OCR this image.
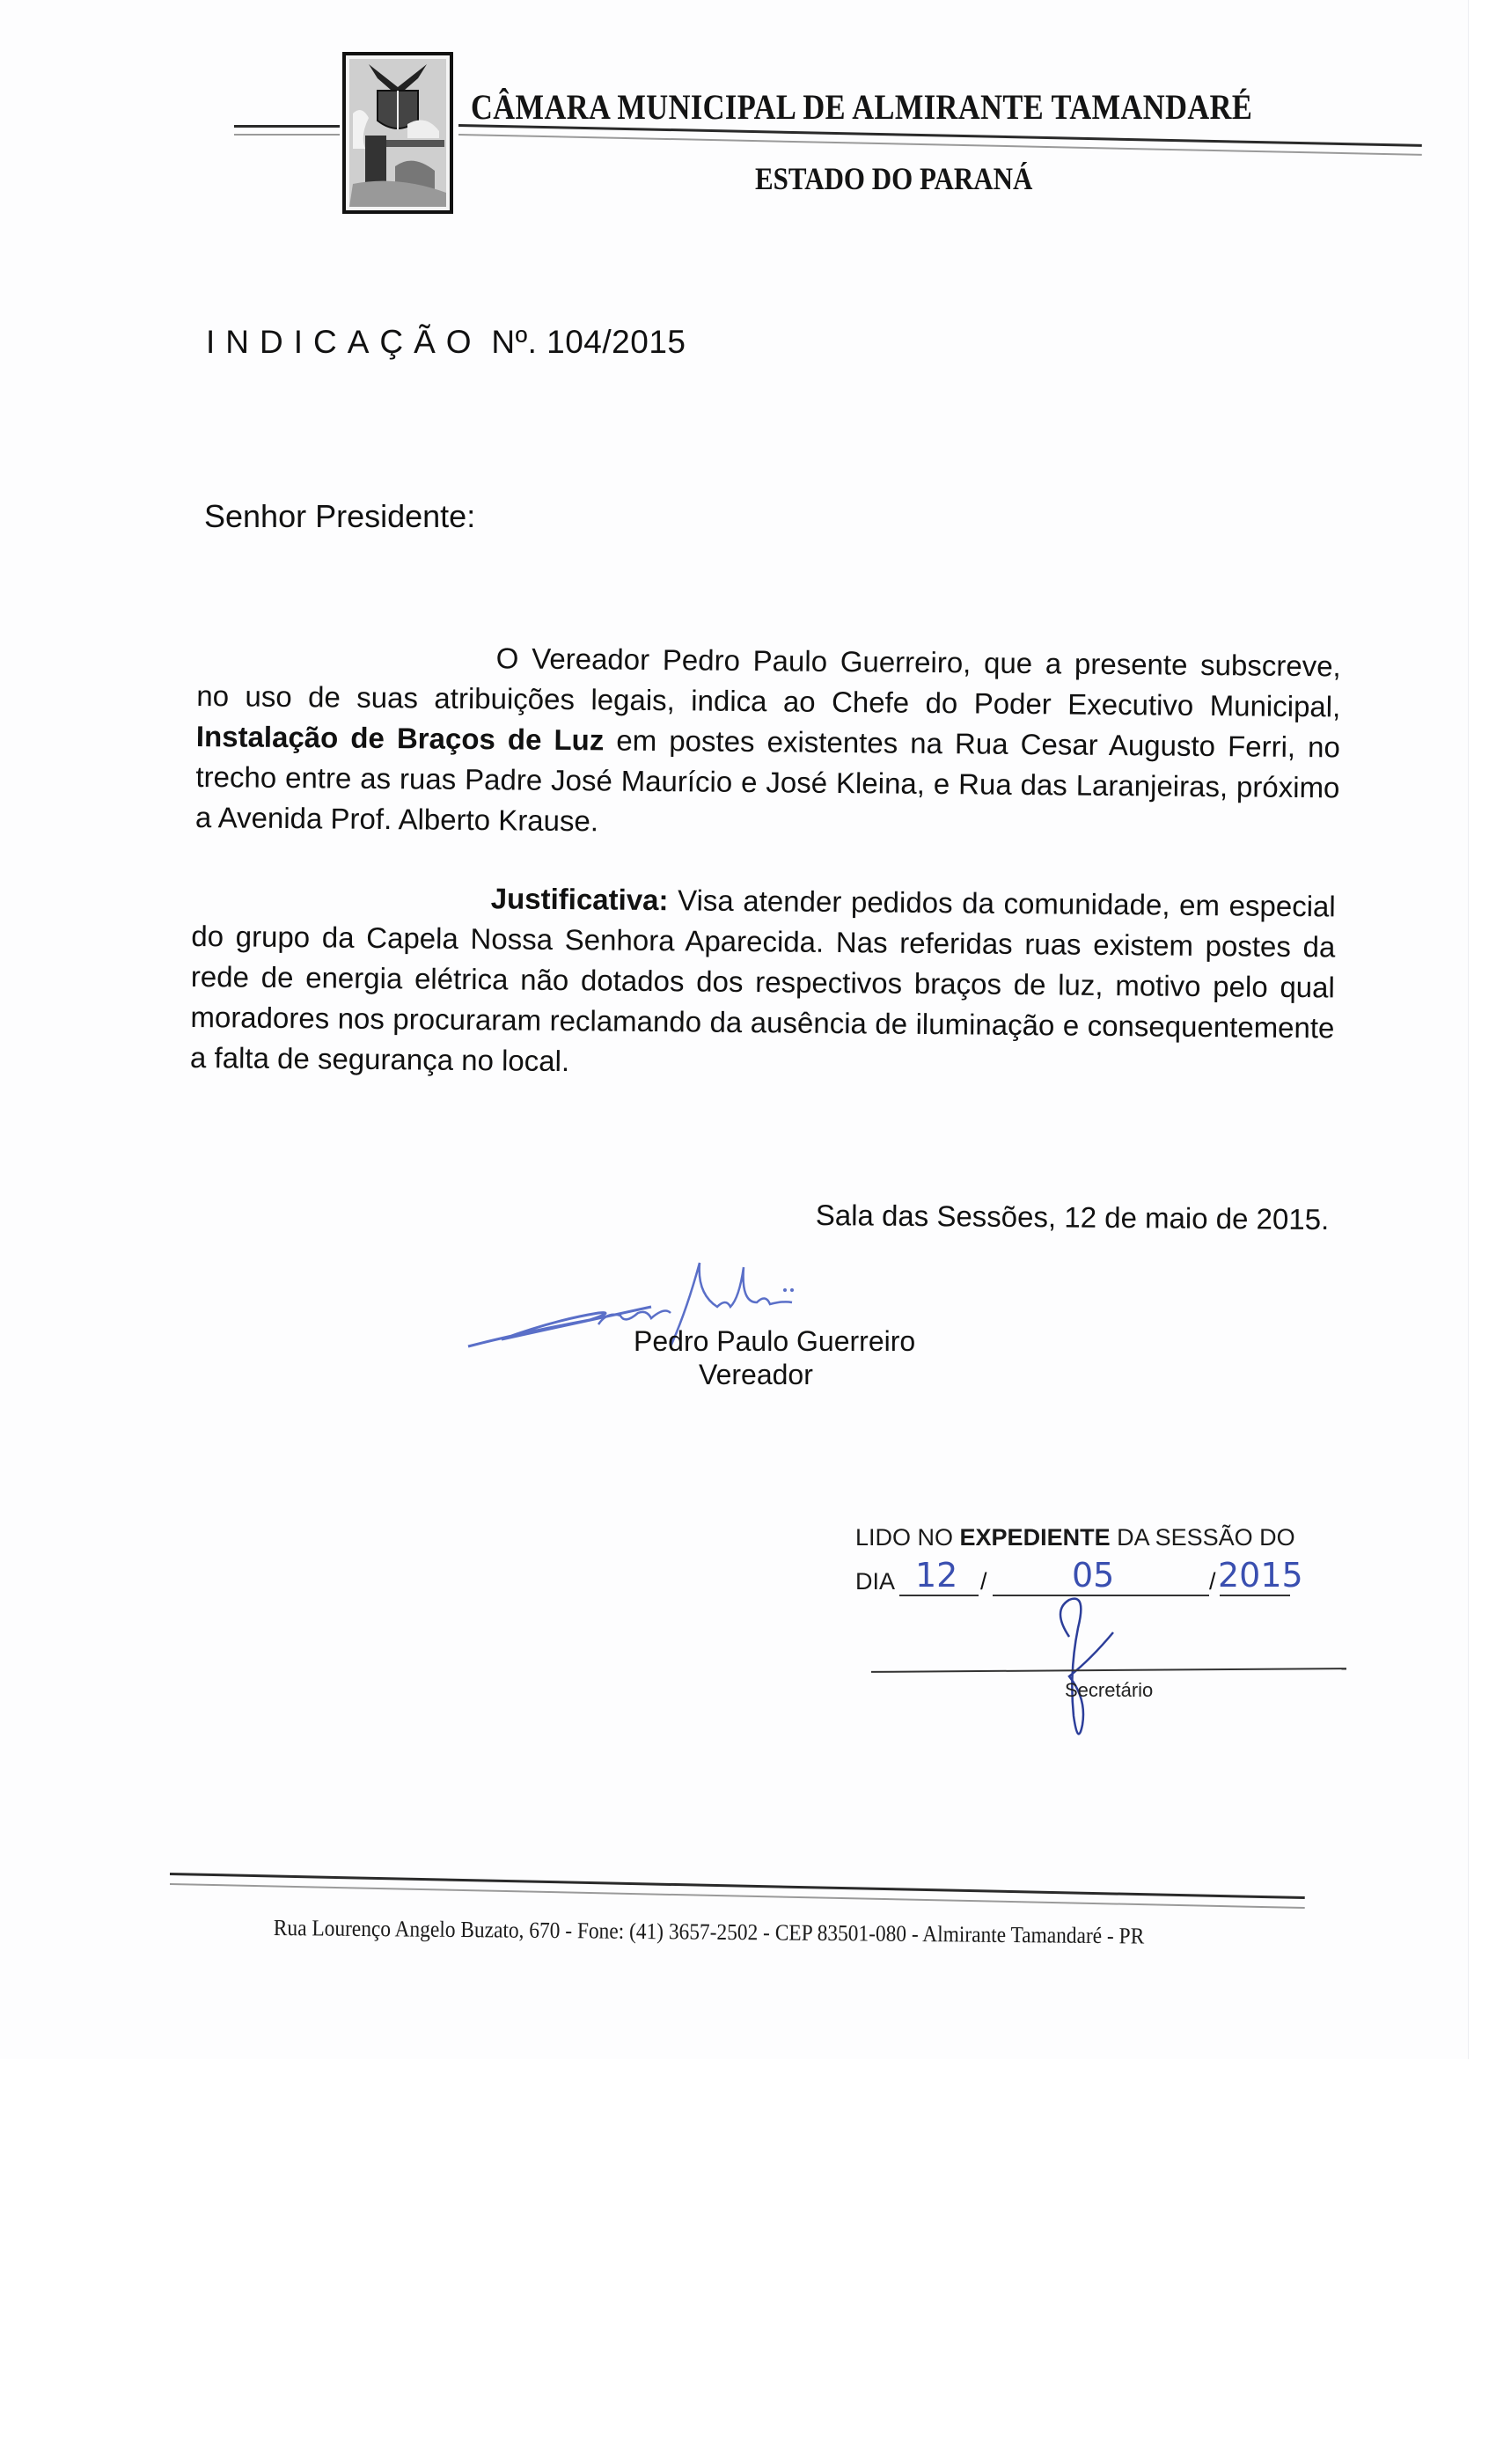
CÂMARA MUNICIPAL DE ALMIRANTE TAMANDARÉ
ESTADO DO PARANÁ
INDICAÇÃO Nº. 104/2015
Senhor Presidente:
O Vereador Pedro Paulo Guerreiro, que a presente subscreve, no uso de suas atribuições legais, indica ao Chefe do Poder Executivo Municipal, Instalação de Braços de Luz em postes existentes na Rua Cesar Augusto Ferri, no trecho entre as ruas Padre José Maurício e José Kleina, e Rua das Laranjeiras, próximo a Avenida Prof. Alberto Krause.
Justificativa: Visa atender pedidos da comunidade, em especial do grupo da Capela Nossa Senhora Aparecida. Nas referidas ruas existem postes da rede de energia elétrica não dotados dos respectivos braços de luz, motivo pelo qual moradores nos procuraram reclamando da ausência de iluminação e consequentemente a falta de segurança no local.
Sala das Sessões, 12 de maio de 2015.
Pedro Paulo Guerreiro
Vereador
LIDO NO EXPEDIENTE DA SESSÃO DO
DIA 12 /	05	/ 2015
Secretário
Rua Lourenço Angelo Buzato, 670 - Fone: (41) 3657-2502 - CEP 83501-080 - Almirante Tamandaré - PR
